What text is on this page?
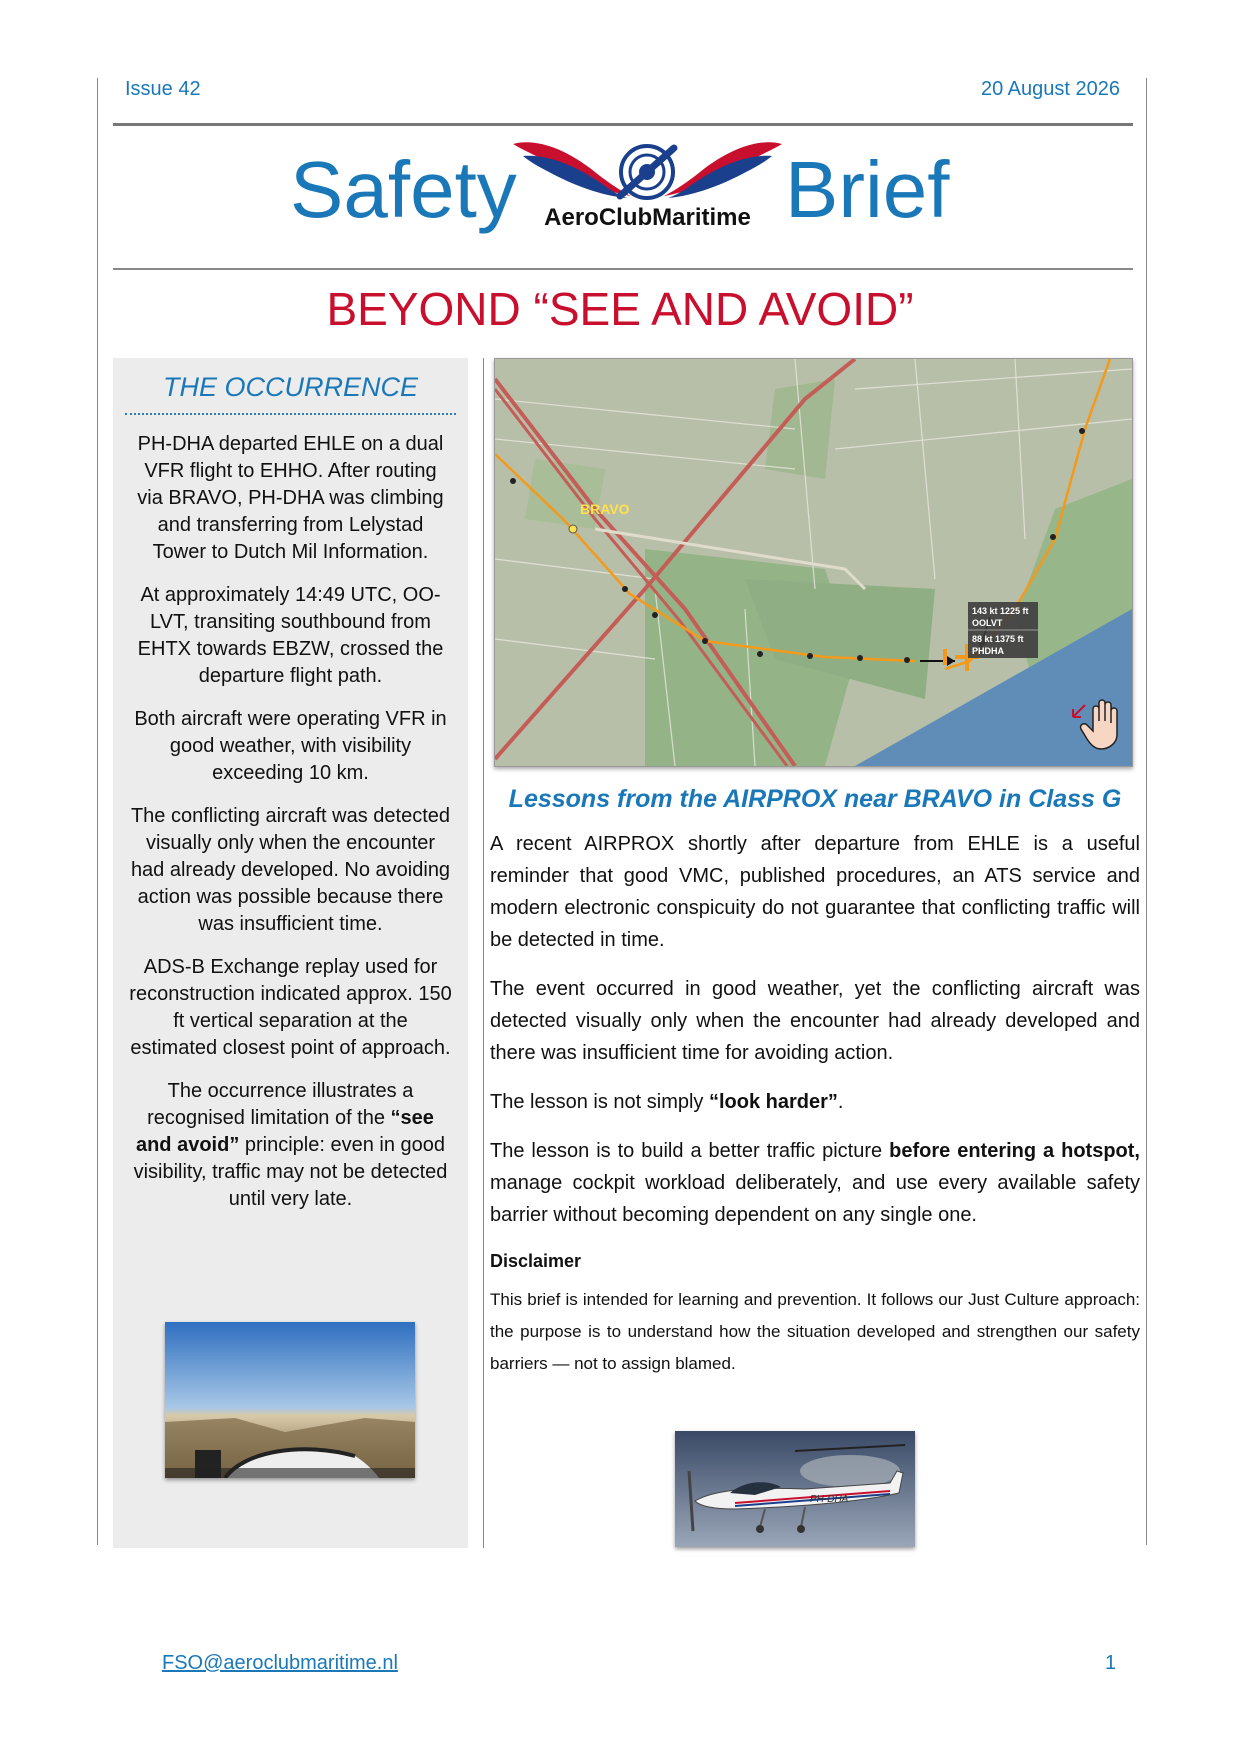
Issue 42	20 August 2026
Safety	AeroClubMaritime Brief
BEYOND “SEE AND AVOID”
THE OCCURRENCE

PH-DHA departed EHLE on a dual VFR flight to EHHO. After routing via BRAVO, PH-DHA was climbing and transferring from Lelystad Tower to Dutch Mil Information.

At approximately 14:49 UTC, OO-LVT, transiting southbound from EHTX towards EBZW, crossed the departure flight path.

Both aircraft were operating VFR in good weather, with visibility exceeding 10 km.

The conflicting aircraft was detected visually only when the encounter had already developed. No avoiding action was possible because there was insufficient time.

ADS-B Exchange replay used for reconstruction indicated approx. 150 ft vertical separation at the estimated closest point of approach.

The occurrence illustrates a recognised limitation of the “see and avoid” principle: even in good visibility, traffic may not be detected until very late.

BRAVO
143 kt 1225 ft
OOLVT
88 kt 1375 ft
PHDHA
Lessons from the AIRPROX near BRAVO in Class G

A recent AIRPROX shortly after departure from EHLE is a useful reminder that good VMC, published procedures, an ATS service and modern electronic conspicuity do not guarantee that conflicting traffic will be detected in time.

The event occurred in good weather, yet the conflicting aircraft was detected visually only when the encounter had already developed and there was insufficient time for avoiding action.

The lesson is not simply “look harder”.

The lesson is to build a better traffic picture before entering a hotspot, manage cockpit workload deliberately, and use every available safety barrier without becoming dependent on any single one.

Disclaimer

This brief is intended for learning and prevention. It follows our Just Culture approach: the purpose is to understand how the situation developed and strengthen our safety barriers — not to assign blamed.

PH-DHA
FSO@aeroclubmaritime.nl	1
